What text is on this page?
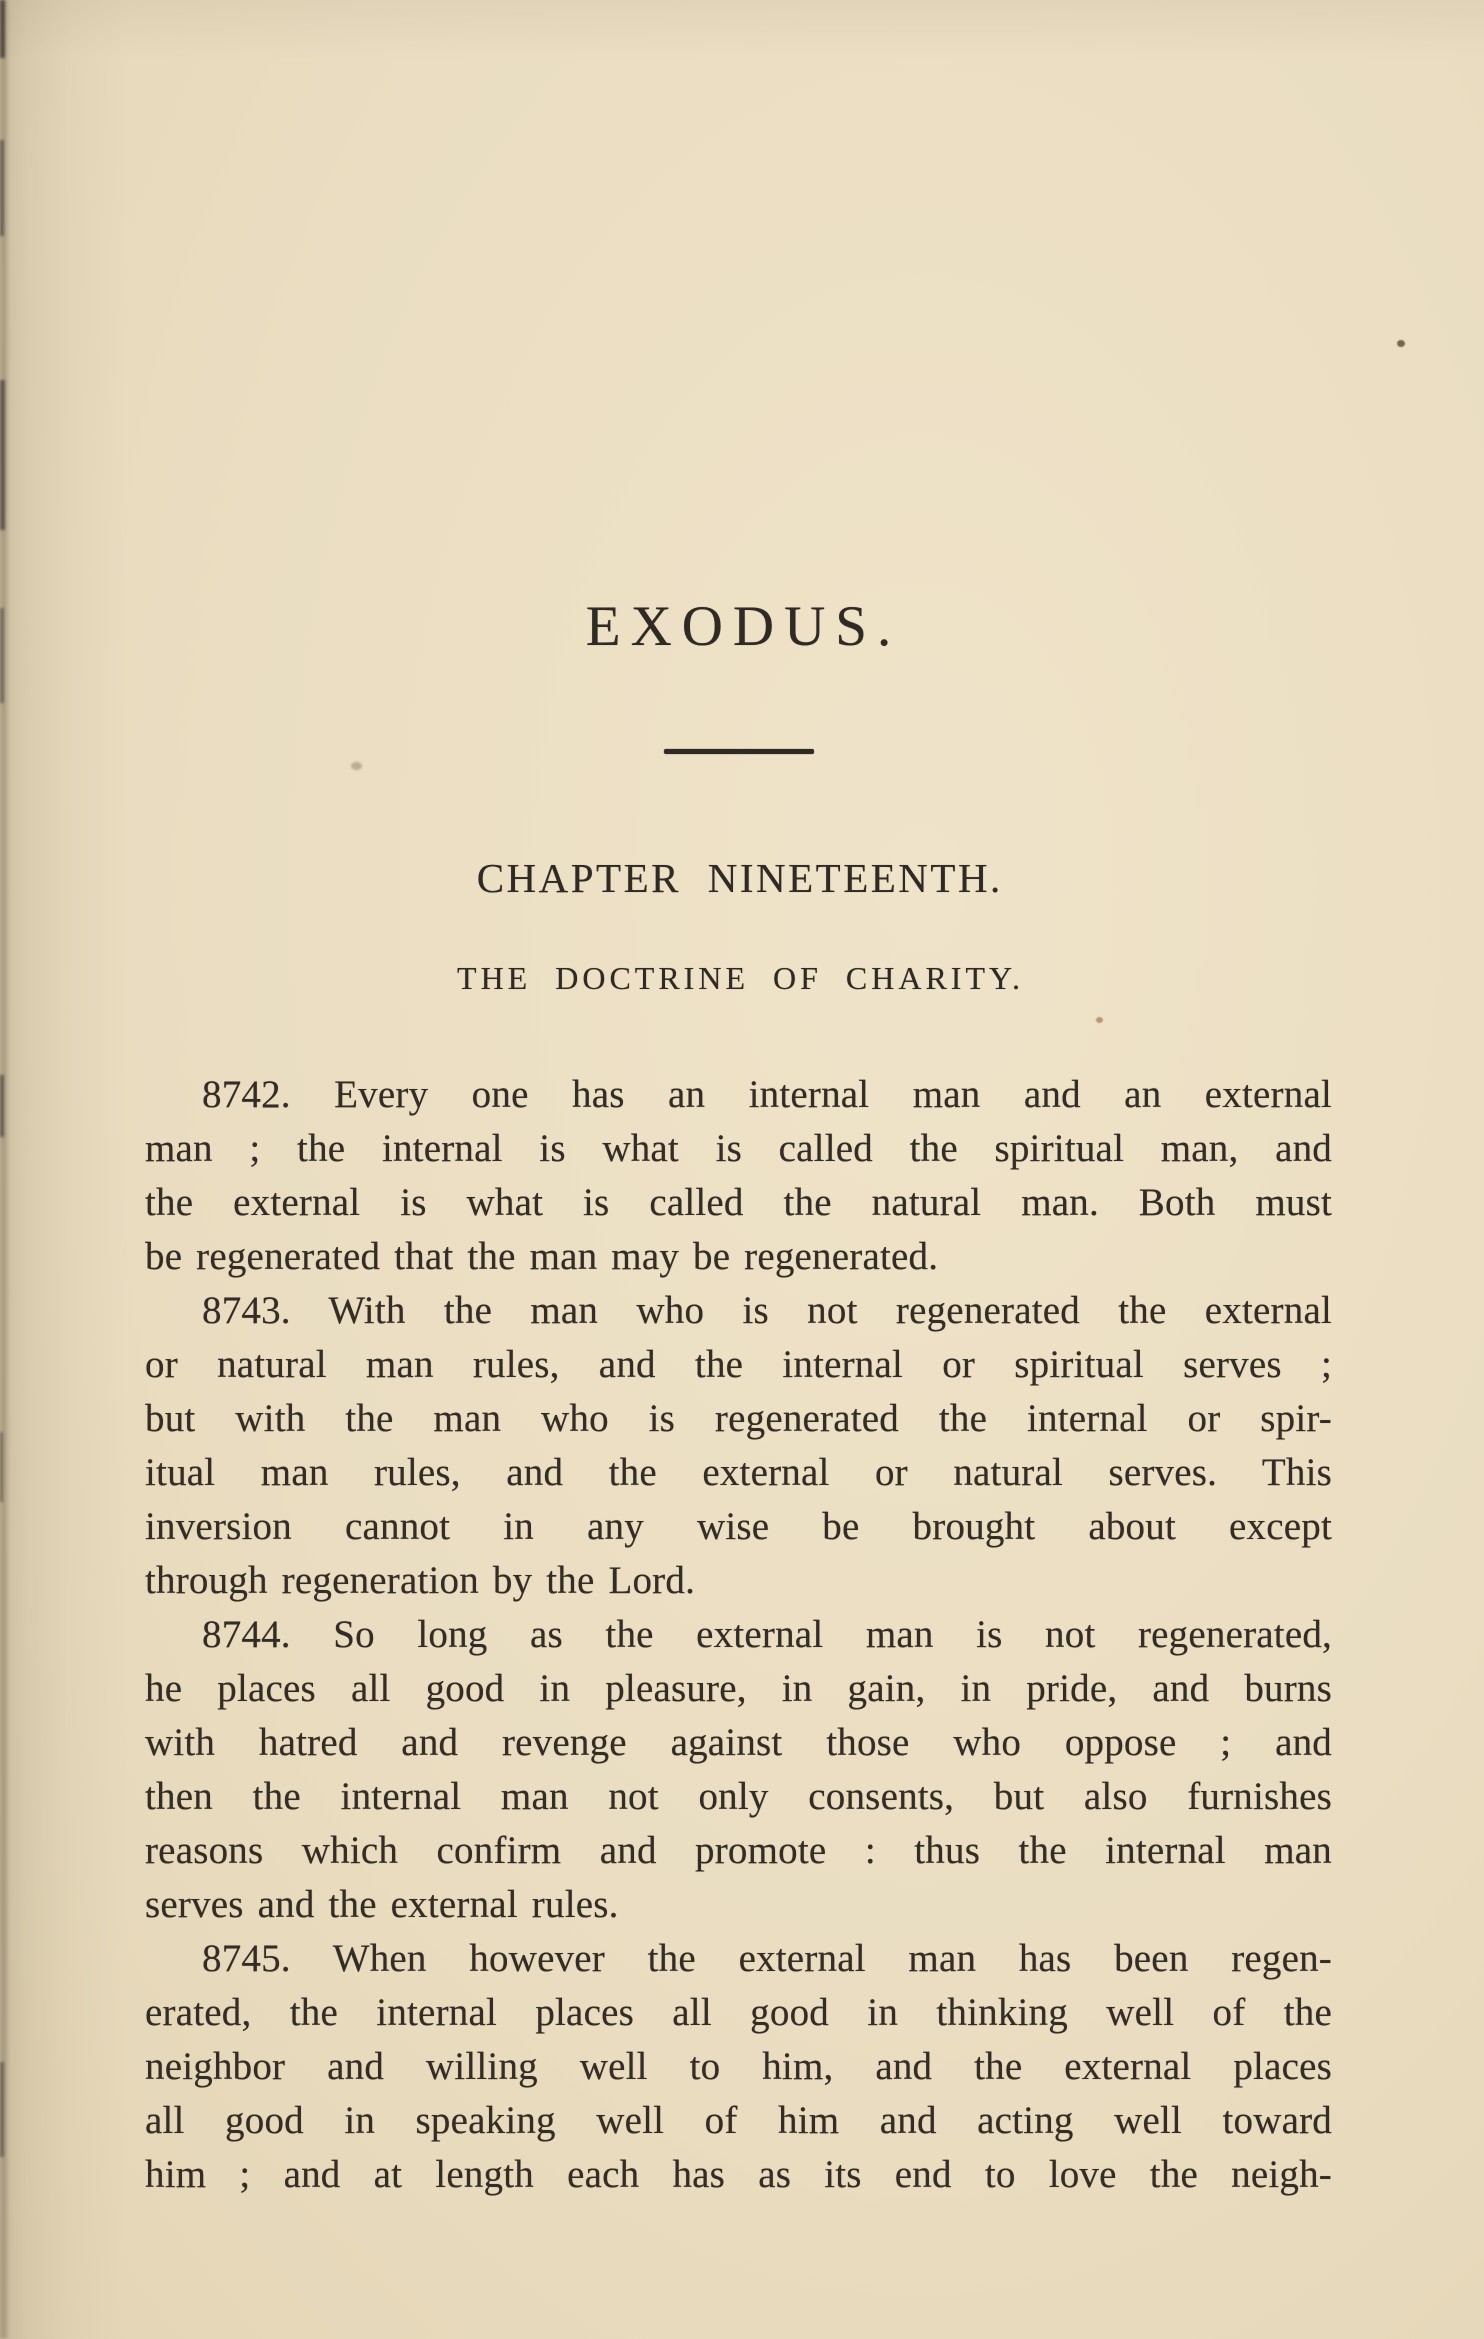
EXODUS.
CHAPTER NINETEENTH.
THE DOCTRINE OF CHARITY.
8742. Every one has an internal man and an external
man ; the internal is what is called the spiritual man, and
the external is what is called the natural man. Both must
be regenerated that the man may be regenerated.
8743. With the man who is not regenerated the external
or natural man rules, and the internal or spiritual serves ;
but with the man who is regenerated the internal or spir-
itual man rules, and the external or natural serves. This
inversion cannot in any wise be brought about except
through regeneration by the Lord.
8744. So long as the external man is not regenerated,
he places all good in pleasure, in gain, in pride, and burns
with hatred and revenge against those who oppose ; and
then the internal man not only consents, but also furnishes
reasons which confirm and promote : thus the internal man
serves and the external rules.
8745. When however the external man has been regen-
erated, the internal places all good in thinking well of the
neighbor and willing well to him, and the external places
all good in speaking well of him and acting well toward
him ; and at length each has as its end to love the neigh-
